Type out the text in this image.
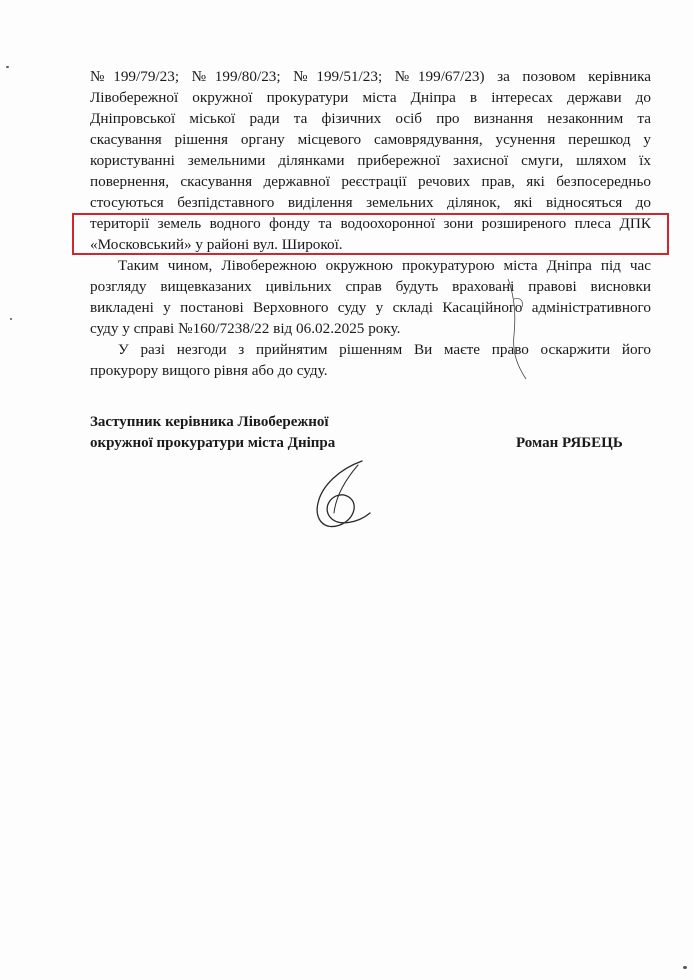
№199/79/23; №199/80/23; №199/51/23; №199/67/23) за позовом керівника
Лівобережної окружної прокуратури міста Дніпра в інтересах держави до
Дніпровської міської ради та фізичних осіб про визнання незаконним та
скасування рішення органу місцевого самоврядування, усунення перешкод у
користуванні земельними ділянками прибережної захисної смуги, шляхом їх
повернення, скасування державної реєстрації речових прав, які безпосередньо
стосуються безпідставного виділення земельних ділянок, які відносяться до
території земель водного фонду та водоохоронної зони розширеного плеса ДПК
«Московський» у районі вул. Широкої.
Таким чином, Лівобережною окружною прокуратурою міста Дніпра під час
розгляду вищевказаних цивільних справ будуть враховані правові висновки
викладені у постанові Верховного суду у складі Касаційного адміністративного
суду у справі №160/7238/22 від 06.02.2025 року.
У разі незгоди з прийнятим рішенням Ви маєте право оскаржити його
прокурору вищого рівня або до суду.
Заступник керівника Лівобережної
окружної прокуратури міста Дніпра	Роман РЯБЕЦЬ
